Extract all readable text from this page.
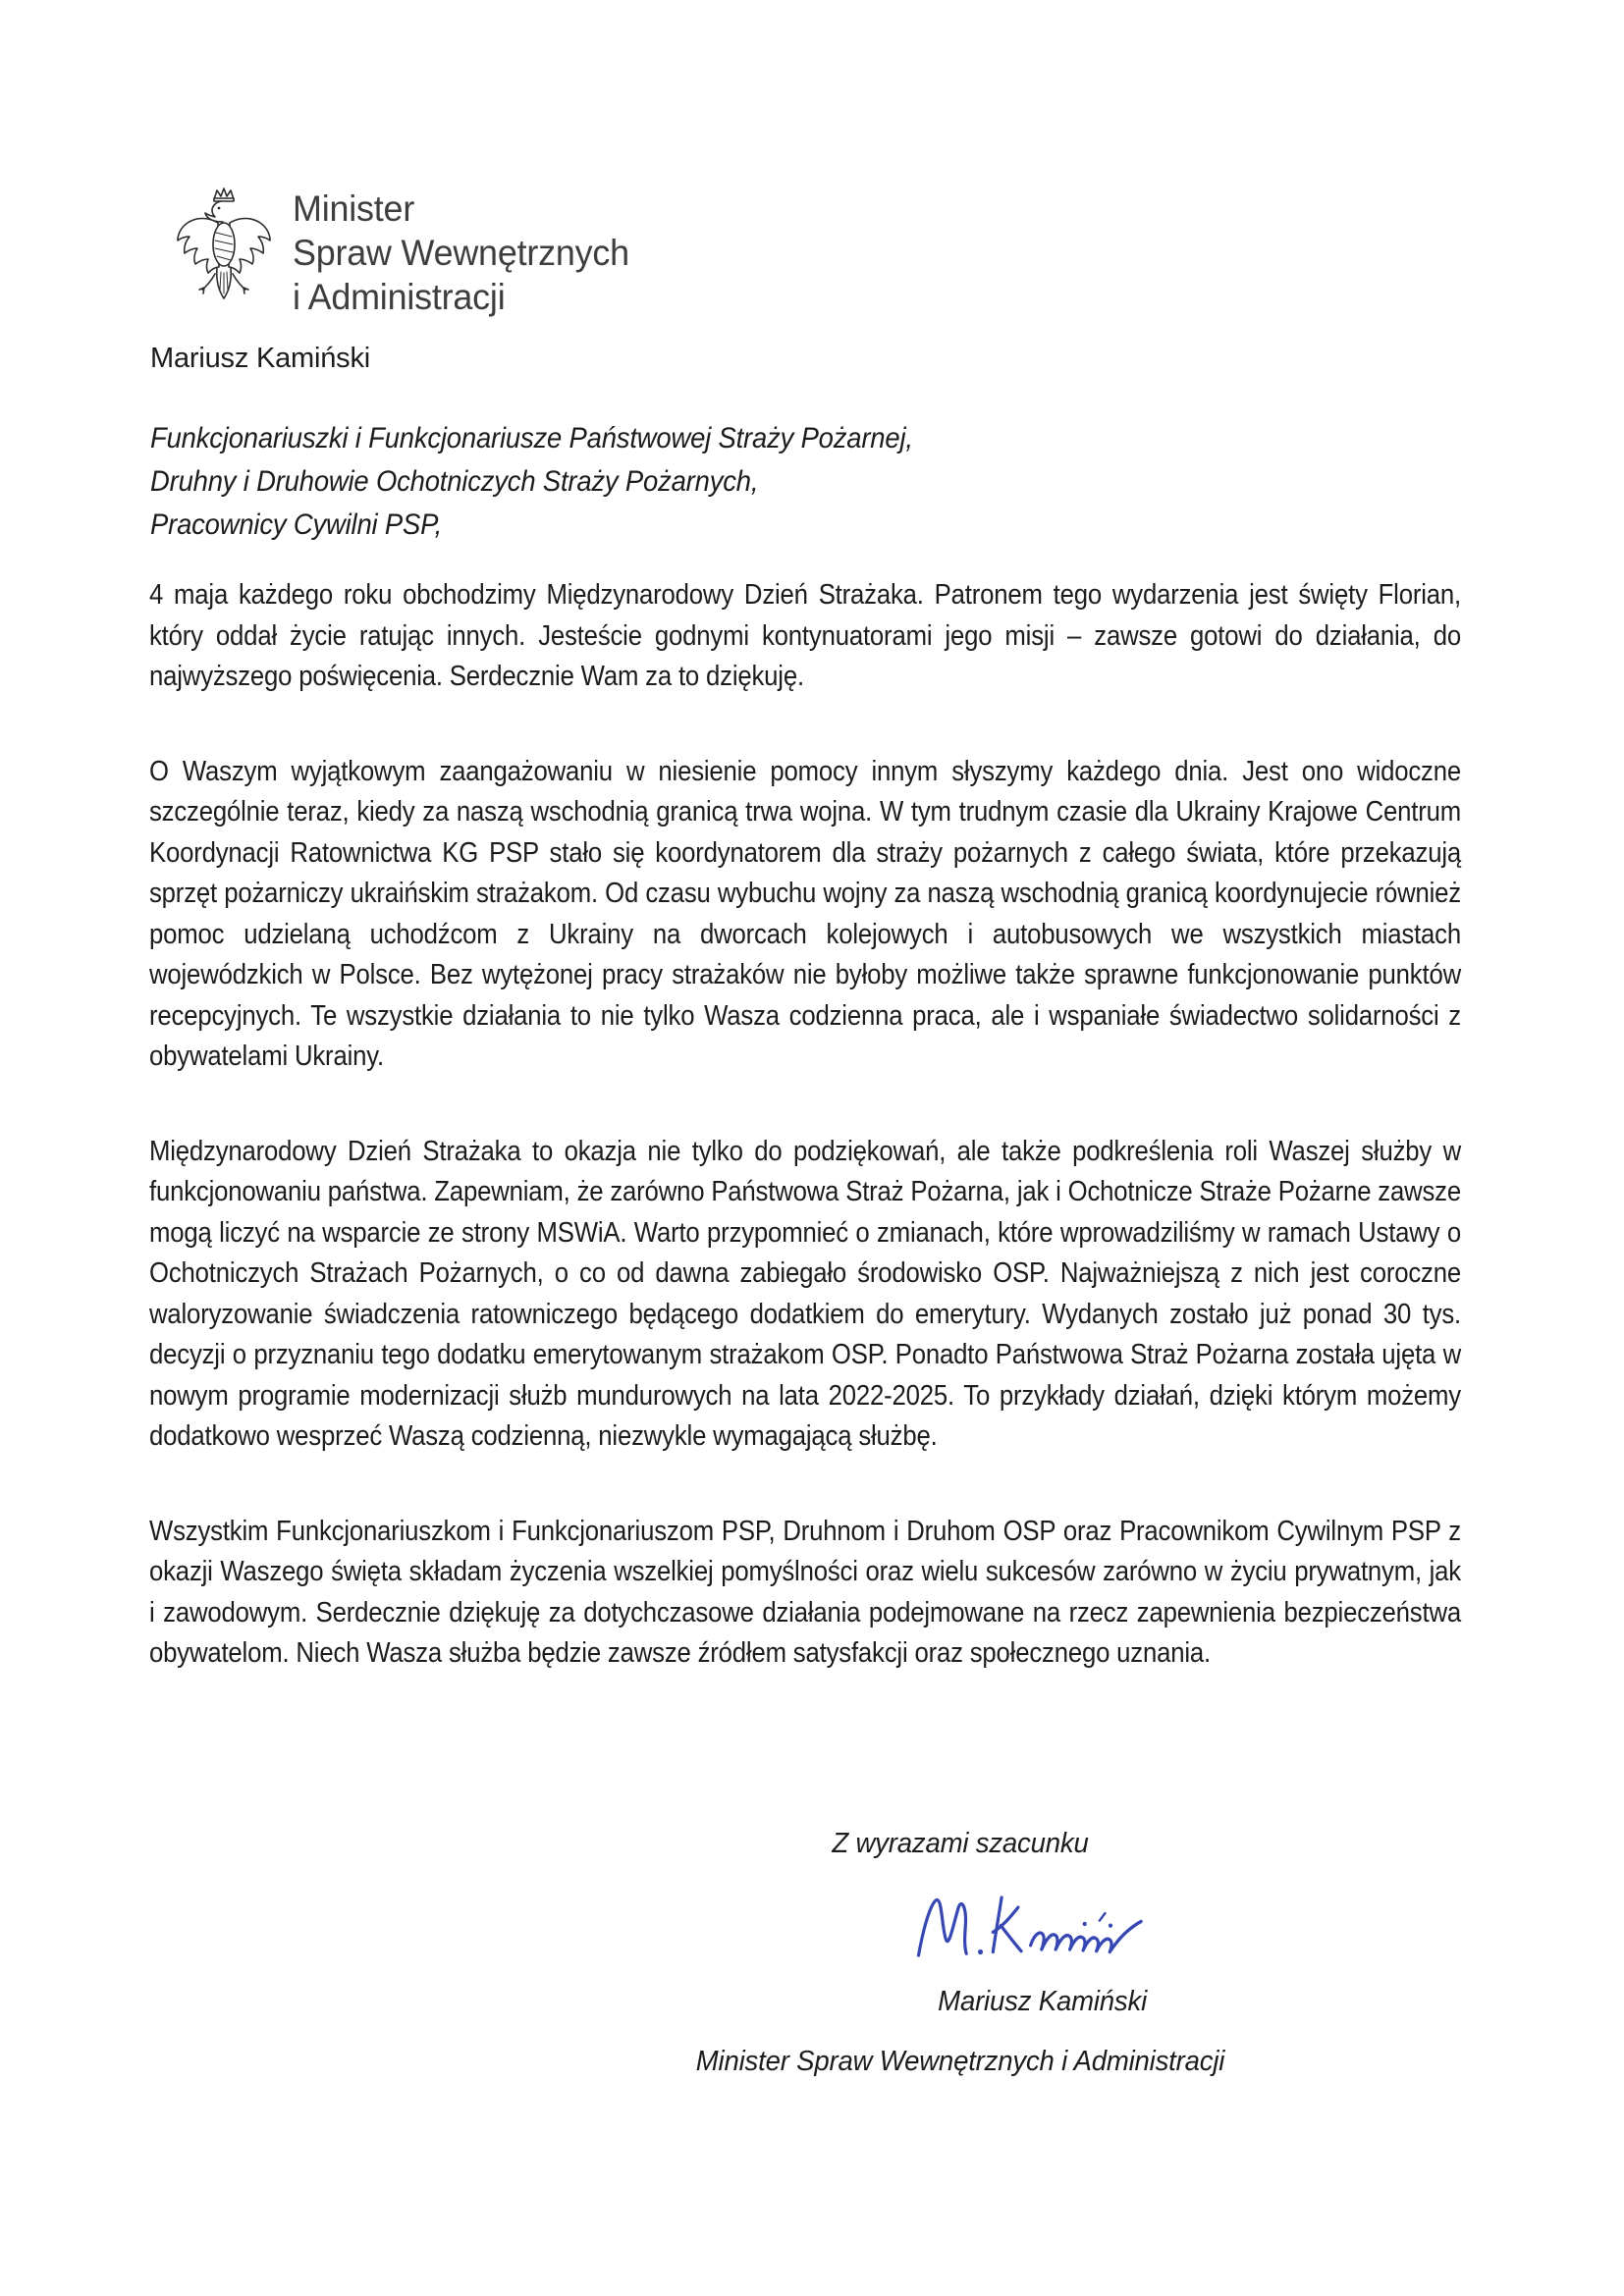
Minister
Spraw Wewnętrznych
i Administracji
Mariusz Kamiński
Funkcjonariuszki i Funkcjonariusze Państwowej Straży Pożarnej,
Druhny i Druhowie Ochotniczych Straży Pożarnych,
Pracownicy Cywilni PSP,

4 maja każdego roku obchodzimy Międzynarodowy Dzień Strażaka. Patronem tego wydarzenia jest święty Florian, który oddał życie ratując innych. Jesteście godnymi kontynuatorami jego misji – zawsze gotowi do działania, do najwyższego poświęcenia. Serdecznie Wam za to dziękuję.

O Waszym wyjątkowym zaangażowaniu w niesienie pomocy innym słyszymy każdego dnia. Jest ono widoczne szczególnie teraz, kiedy za naszą wschodnią granicą trwa wojna. W tym trudnym czasie dla Ukrainy Krajowe Centrum Koordynacji Ratownictwa KG PSP stało się koordynatorem dla straży pożarnych z całego świata, które przekazują sprzęt pożarniczy ukraińskim strażakom. Od czasu wybuchu wojny za naszą wschodnią granicą koordynujecie również pomoc udzielaną uchodźcom z Ukrainy na dworcach kolejowych i autobusowych we wszystkich miastach wojewódzkich w Polsce. Bez wytężonej pracy strażaków nie byłoby możliwe także sprawne funkcjonowanie punktów recepcyjnych. Te wszystkie działania to nie tylko Wasza codzienna praca, ale i wspaniałe świadectwo solidarności z obywatelami Ukrainy.

Międzynarodowy Dzień Strażaka to okazja nie tylko do podziękowań, ale także podkreślenia roli Waszej służby w funkcjonowaniu państwa. Zapewniam, że zarówno Państwowa Straż Pożarna, jak i Ochotnicze Straże Pożarne zawsze mogą liczyć na wsparcie ze strony MSWiA. Warto przypomnieć o zmianach, które wprowadziliśmy w ramach Ustawy o Ochotniczych Strażach Pożarnych, o co od dawna zabiegało środowisko OSP. Najważniejszą z nich jest coroczne waloryzowanie świadczenia ratowniczego będącego dodatkiem do emerytury. Wydanych zostało już ponad 30 tys. decyzji o przyznaniu tego dodatku emerytowanym strażakom OSP. Ponadto Państwowa Straż Pożarna została ujęta w nowym programie modernizacji służb mundurowych na lata 2022-2025. To przykłady działań, dzięki którym możemy dodatkowo wesprzeć Waszą codzienną, niezwykle wymagającą służbę.

Wszystkim Funkcjonariuszkom i Funkcjonariuszom PSP, Druhnom i Druhom OSP oraz Pracownikom Cywilnym PSP z okazji Waszego święta składam życzenia wszelkiej pomyślności oraz wielu sukcesów zarówno w życiu prywatnym, jak i zawodowym. Serdecznie dziękuję za dotychczasowe działania podejmowane na rzecz zapewnienia bezpieczeństwa obywatelom. Niech Wasza służba będzie zawsze źródłem satysfakcji oraz społecznego uznania.

Z wyrazami szacunku

Mariusz Kamiński
Minister Spraw Wewnętrznych i Administracji
